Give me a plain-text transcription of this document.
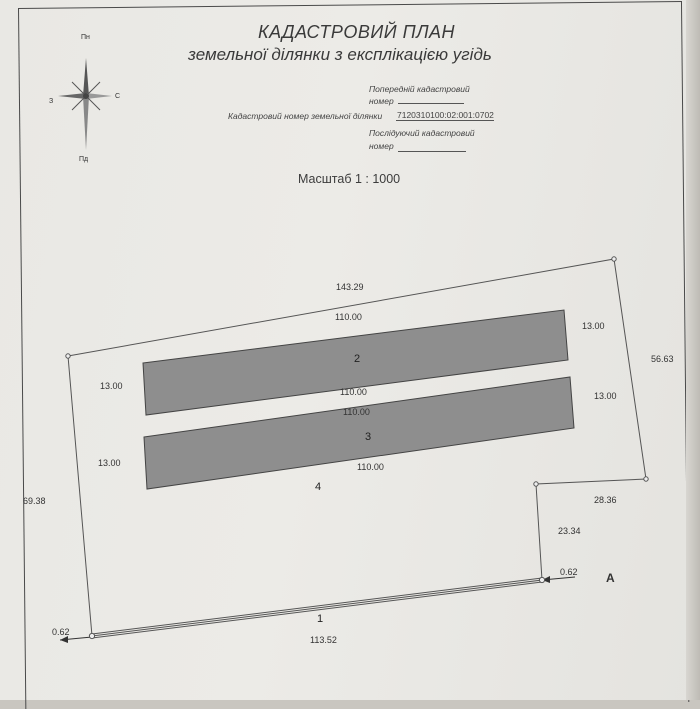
КАДАСТРОВИЙ ПЛАН
земельної ділянки з експлікацією угідь
Попередній кадастровий
номер
Кадастровий номер земельної ділянки 7120310100:02:001:0702
Послідуючий кадастровий
номер
Масштаб 1 : 1000
Пн
Пд
З
С
143.29
56.63
69.38	28.36
23.34
0.62
0.62
113.52
110.00
110.00
13.00
13.00
2
110.00
110.00
13.00
13.00
3
4
1
A
